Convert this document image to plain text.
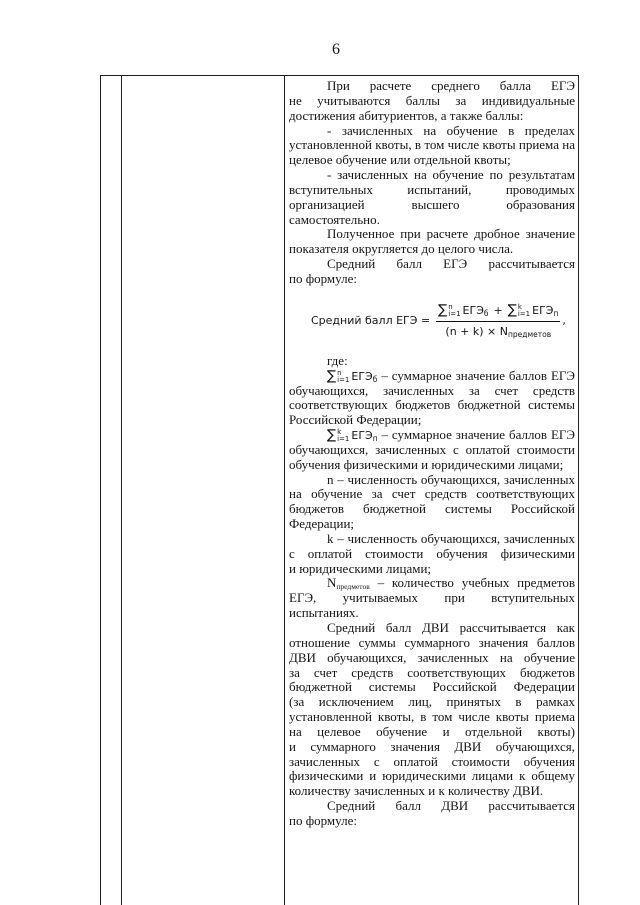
6
При расчете среднего балла ЕГЭ
не учитываются баллы за индивидуальные
достижения абитуриентов, а также баллы:
- зачисленных на обучение в пределах
установленной квоты, в том числе квоты приема на
целевое обучение или отдельной квоты;
- зачисленных на обучение по результатам
вступительных испытаний, проводимых
организацией высшего образования
самостоятельно.
Полученное при расчете дробное значение
показателя округляется до целого числа.
Средний балл ЕГЭ рассчитывается
по формуле:
Средний балл ЕГЭ = ∑ n
i=1 ЕГЭб + ∑ k
i=1 ЕГЭп
(n + k) × Nпредметов ,
где:
∑ n
i=1 ЕГЭб – суммарное значение баллов ЕГЭ
обучающихся, зачисленных за счет средств
соответствующих бюджетов бюджетной системы
Российской Федерации;
∑ k
i=1 ЕГЭп – суммарное значение баллов ЕГЭ
обучающихся, зачисленных с оплатой стоимости
обучения физическими и юридическими лицами;
n – численность обучающихся, зачисленных
на обучение за счет средств соответствующих
бюджетов бюджетной системы Российской
Федерации;
k – численность обучающихся, зачисленных
с оплатой стоимости обучения физическими
и юридическими лицами;
Nпредметов – количество учебных предметов
ЕГЭ, учитываемых при вступительных
испытаниях.
Средний балл ДВИ рассчитывается как
отношение суммы суммарного значения баллов
ДВИ обучающихся, зачисленных на обучение
за счет средств соответствующих бюджетов
бюджетной системы Российской Федерации
(за исключением лиц, принятых в рамках
установленной квоты, в том числе квоты приема
на целевое обучение и отдельной квоты)
и суммарного значения ДВИ обучающихся,
зачисленных с оплатой стоимости обучения
физическими и юридическими лицами к общему
количеству зачисленных и к количеству ДВИ.
Средний балл ДВИ рассчитывается
по формуле:
